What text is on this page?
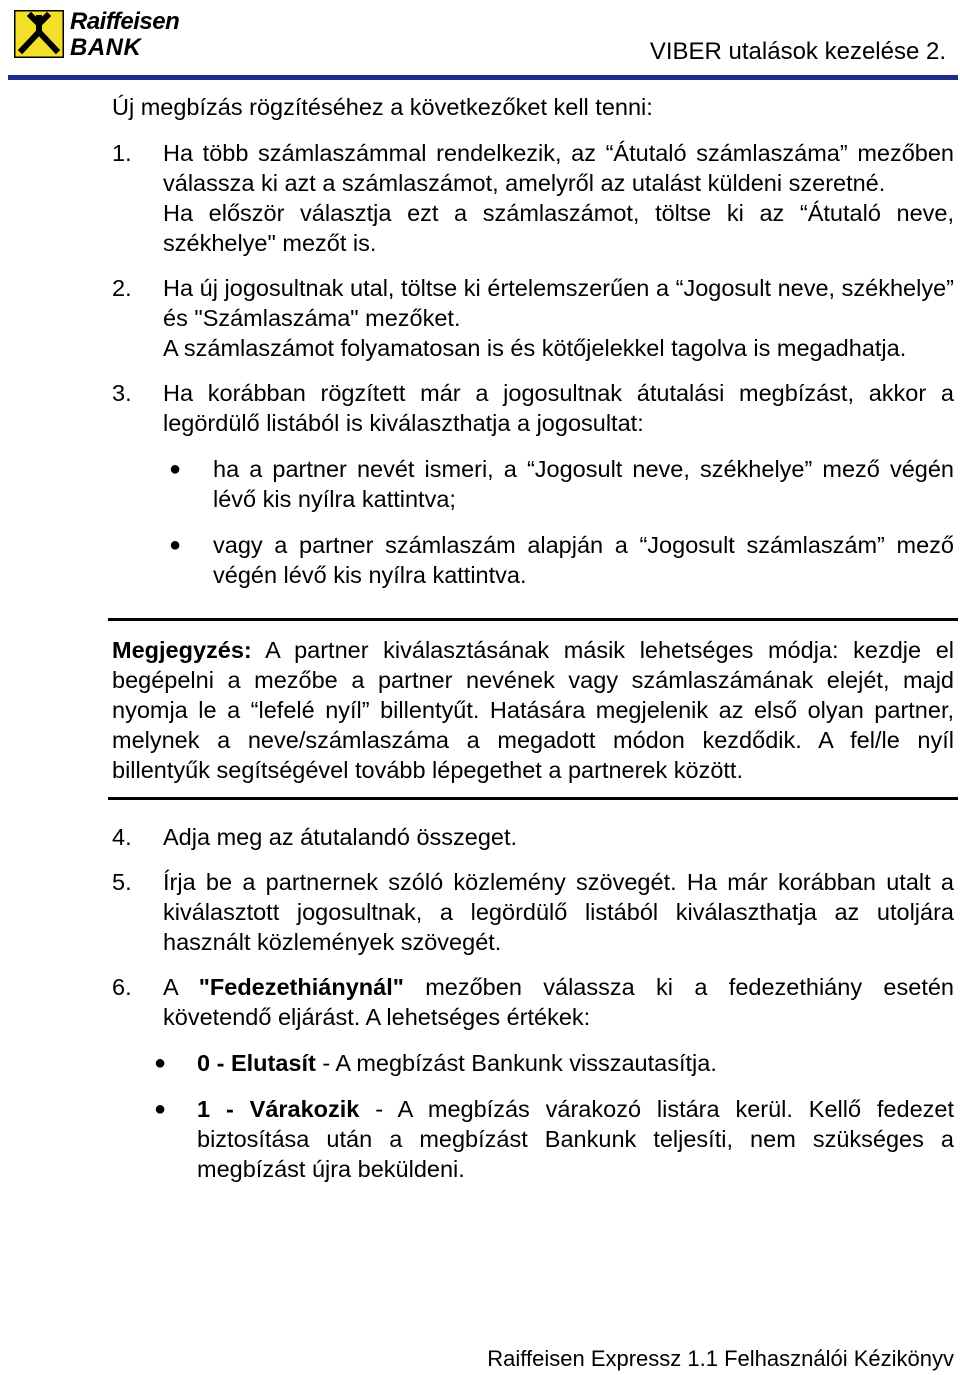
Raiffeisen
BANK	VIBER utalások kezelése 2.

Új megbízás rögzítéséhez a következőket kell tenni:

1. Ha több számlaszámmal rendelkezik, az “Átutaló számlaszáma” mezőben válassza ki azt a számlaszámot, amelyről az utalást küldeni szeretné.
Ha először választja ezt a számlaszámot, töltse ki az “Átutaló neve, székhelye" mezőt is.
2. Ha új jogosultnak utal, töltse ki értelemszerűen a “Jogosult neve, székhelye” és "Számlaszáma" mezőket.
A számlaszámot folyamatosan is és kötőjelekkel tagolva is megadhatja.
3. Ha korábban rögzített már a jogosultnak átutalási megbízást, akkor a legördülő listából is kiválaszthatja a jogosultat:
● ha a partner nevét ismeri, a “Jogosult neve, székhelye” mező végén lévő kis nyílra kattintva;
● vagy a partner számlaszám alapján a “Jogosult számlaszám” mező végén lévő kis nyílra kattintva.
Megjegyzés: A partner kiválasztásának másik lehetséges módja: kezdje el begépelni a mezőbe a partner nevének vagy számlaszámának elejét, majd nyomja le a “lefelé nyíl” billentyűt. Hatására megjelenik az első olyan partner, melynek a neve/számlaszáma a megadott módon kezdődik. A fel/le nyíl billentyűk segítségével tovább lépegethet a partnerek között.
4. Adja meg az átutalandó összeget.
5. Írja be a partnernek szóló közlemény szövegét. Ha már korábban utalt a kiválasztott jogosultnak, a legördülő listából kiválaszthatja az utoljára használt közlemények szövegét.
6. A "Fedezethiánynál" mezőben válassza ki a fedezethiány esetén követendő eljárást. A lehetséges értékek:
● 0 - Elutasít - A megbízást Bankunk visszautasítja.
● 1 - Várakozik - A megbízás várakozó listára kerül. Kellő fedezet biztosítása után a megbízást Bankunk teljesíti, nem szükséges a megbízást újra beküldeni.
Raiffeisen Expressz 1.1 Felhasználói Kézikönyv
